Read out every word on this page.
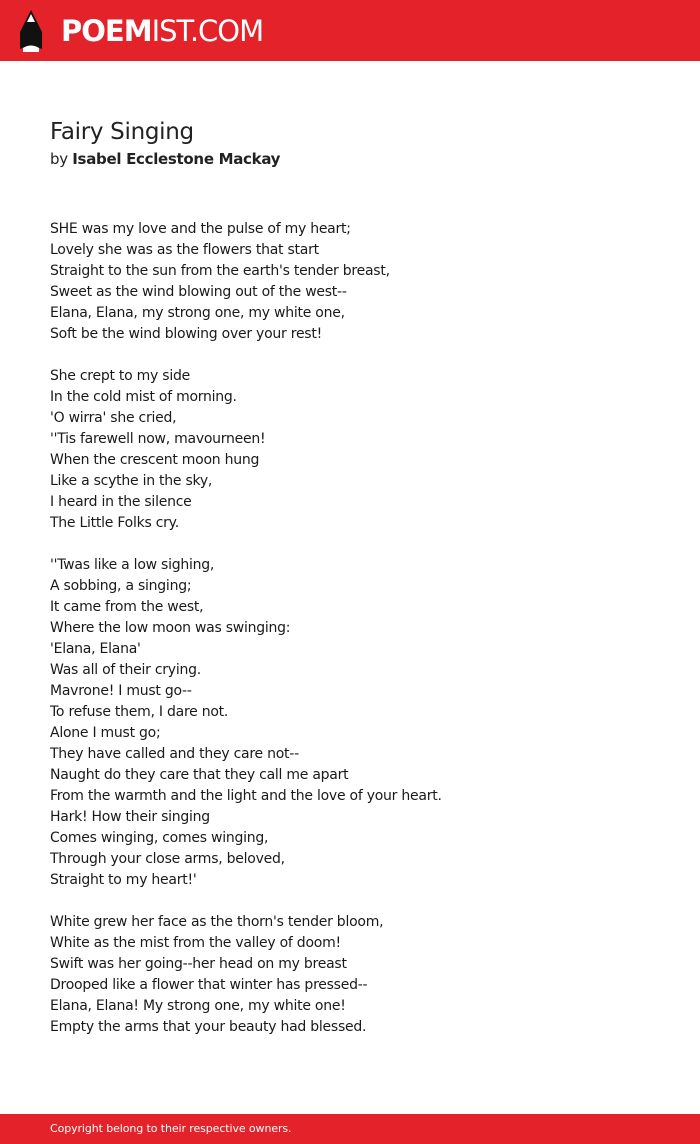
POEMIST.COM
Fairy Singing
by Isabel Ecclestone Mackay
SHE was my love and the pulse of my heart;
Lovely she was as the flowers that start
Straight to the sun from the earth's tender breast,
Sweet as the wind blowing out of the west--
Elana, Elana, my strong one, my white one,
Soft be the wind blowing over your rest!
She crept to my side
In the cold mist of morning.
'O wirra' she cried,
''Tis farewell now, mavourneen!
When the crescent moon hung
Like a scythe in the sky,
I heard in the silence
The Little Folks cry.
''Twas like a low sighing,
A sobbing, a singing;
It came from the west,
Where the low moon was swinging:
'Elana, Elana'
Was all of their crying.
Mavrone! I must go--
To refuse them, I dare not.
Alone I must go;
They have called and they care not--
Naught do they care that they call me apart
From the warmth and the light and the love of your heart.
Hark! How their singing
Comes winging, comes winging,
Through your close arms, beloved,
Straight to my heart!'
White grew her face as the thorn's tender bloom,
White as the mist from the valley of doom!
Swift was her going--her head on my breast
Drooped like a flower that winter has pressed--
Elana, Elana! My strong one, my white one!
Empty the arms that your beauty had blessed.
Copyright belong to their respective owners.
